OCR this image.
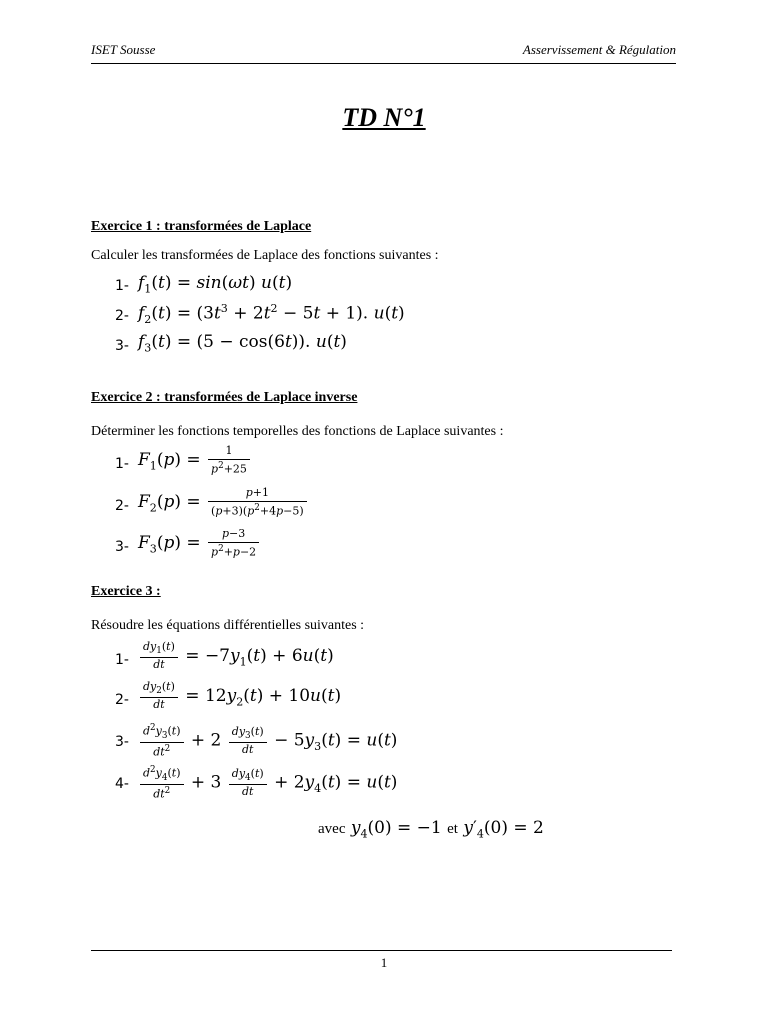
ISET Sousse	Asservissement & Régulation
TD N°1
Exercice 1 : transformées de Laplace
Calculer les transformées de Laplace des fonctions suivantes :
1- $f_1(t) = \sin(\omega t)$ u(t)
2- $f_2(t) = (3t^3 + 2t^2 - 5t + 1)$. u(t)
3- $f_3(t) = (5 - \cos(6t))$. u(t)
Exercice 2 : transformées de Laplace inverse
Déterminer les fonctions temporelles des fonctions de Laplace suivantes :
1- $F_1(p) = \frac{1}{p^2+25}$
2- $F_2(p) = \frac{p+1}{(p+3)(p^2+4p-5)}$
3- $F_3(p) = \frac{p-3}{p^2+p-2}$
Exercice 3 :
Résoudre les équations différentielles suivantes :
$1- \frac{dy_1(t)}{dt} = -7y_1(t) + 6u(t)$
$2- \frac{dy_2(t)}{dt} = 12y_2(t) + 10u(t)$
$3- \frac{d^2y_3(t)}{dt^2} + 2 \frac{dy_3(t)}{dt} - 5y_3(t) = u(t)$
$4- \frac{d^2y_4(t)}{dt^2} + 3 \frac{dy_4(t)}{dt} + 2y_4(t) = u(t)$
avec $y_4(0) = -1$ et $y'_4(0) = 2$
1
